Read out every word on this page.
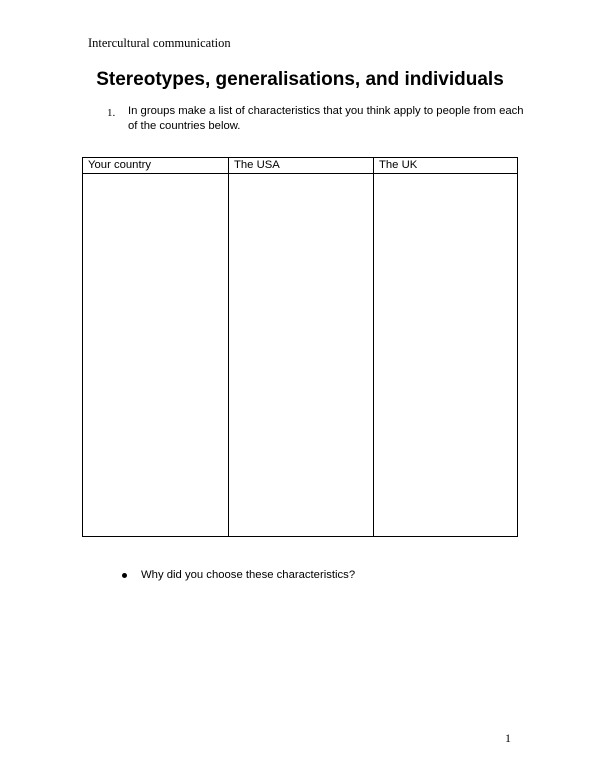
Intercultural communication
Stereotypes, generalisations, and individuals
1. In groups make a list of characteristics that you think apply to people from each of the countries below.
Your country	The USA	The UK
Why did you choose these characteristics?
1
